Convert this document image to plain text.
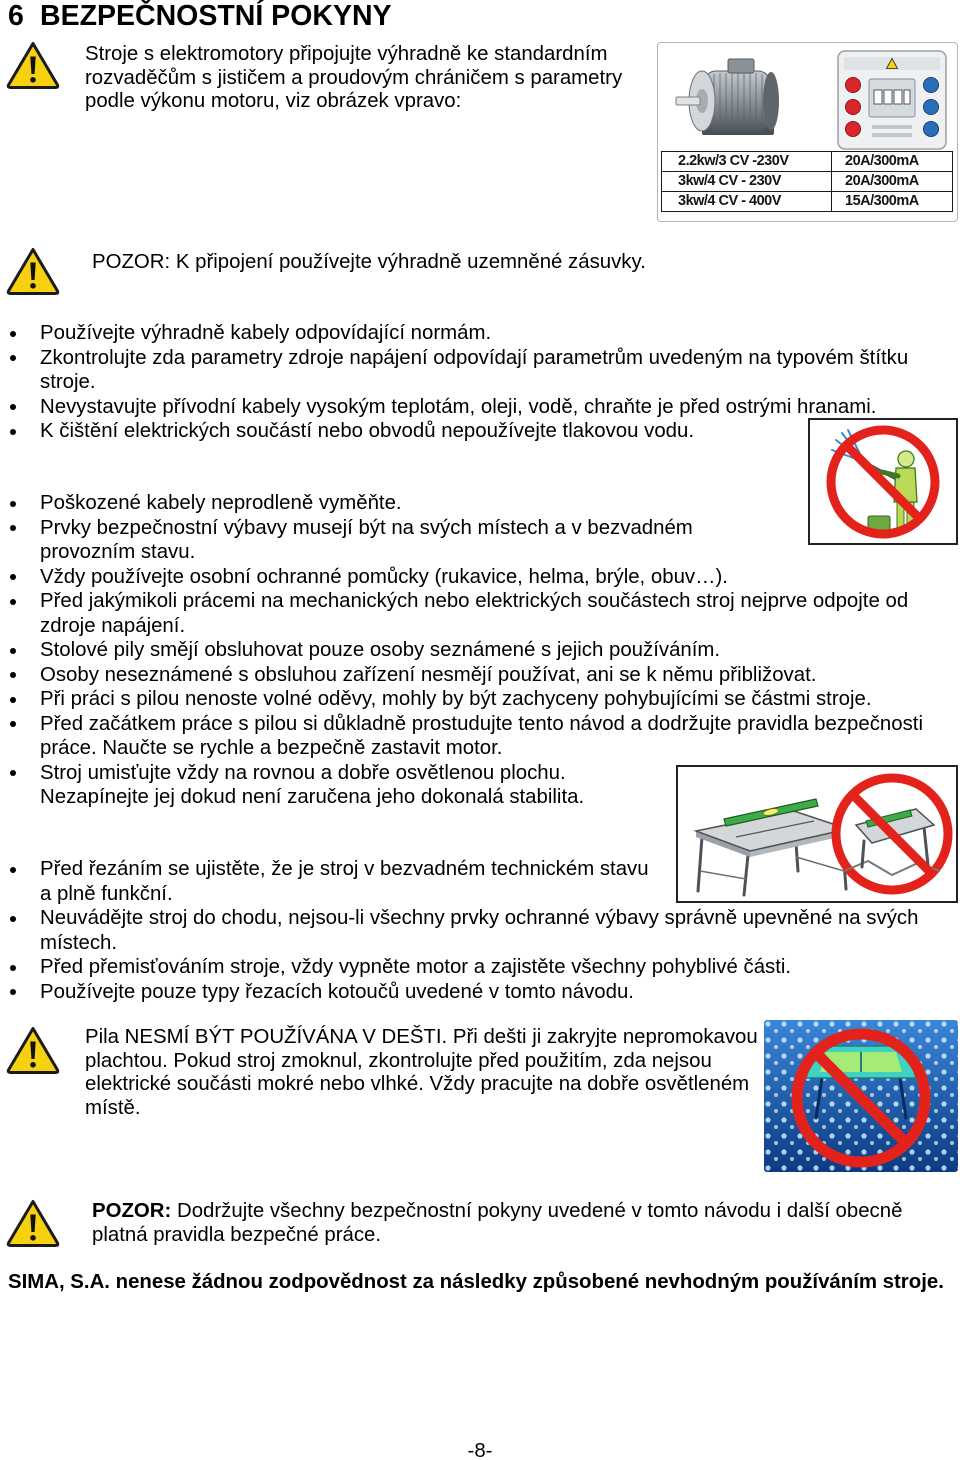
6 BEZPEČNOSTNÍ POKYNY
Stroje s elektromotory připojujte výhradně ke standardním
rozvaděčům s jističem a proudovým chráničem s parametry
podle výkonu motoru, viz obrázek vpravo:
2.2kw/3 CV -230V	20A/300mA
3kw/4 CV - 230V	20A/300mA
3kw/4 CV - 400V	15A/300mA
POZOR: K připojení používejte výhradně uzemněné zásuvky.
Používejte výhradně kabely odpovídající normám.
Zkontrolujte zda parametry zdroje napájení odpovídají parametrům uvedeným na typovém štítku
stroje.
Nevystavujte přívodní kabely vysokým teplotám, oleji, vodě, chraňte je před ostrými hranami.
K čištění elektrických součástí nebo obvodů nepoužívejte tlakovou vodu.
Poškozené kabely neprodleně vyměňte.
Prvky bezpečnostní výbavy musejí být na svých místech a v bezvadném
provozním stavu.
Vždy používejte osobní ochranné pomůcky (rukavice, helma, brýle, obuv…).
Před jakýmikoli prácemi na mechanických nebo elektrických součástech stroj nejprve odpojte od
zdroje napájení.
Stolové pily smějí obsluhovat pouze osoby seznámené s jejich používáním.
Osoby neseznámené s obsluhou zařízení nesmějí používat, ani se k němu přibližovat.
Při práci s pilou nenoste volné oděvy, mohly by být zachyceny pohybujícími se částmi stroje.
Před začátkem práce s pilou si důkladně prostudujte tento návod a dodržujte pravidla bezpečnosti
práce. Naučte se rychle a bezpečně zastavit motor.
Stroj umisťujte vždy na rovnou a dobře osvětlenou plochu.
Nezapínejte jej dokud není zaručena jeho dokonalá stabilita.
Před řezáním se ujistěte, že je stroj v bezvadném technickém stavu
a plně funkční.
Neuvádějte stroj do chodu, nejsou-li všechny prvky ochranné výbavy správně upevněné na svých
místech.
Před přemisťováním stroje, vždy vypněte motor a zajistěte všechny pohyblivé části.
Používejte pouze typy řezacích kotoučů uvedené v tomto návodu.
Pila NESMÍ BÝT POUŽÍVÁNA V DEŠTI. Při dešti ji zakryjte nepromokavou
plachtou. Pokud stroj zmoknul, zkontrolujte před použitím, zda nejsou
elektrické součásti mokré nebo vlhké. Vždy pracujte na dobře osvětleném
místě.
POZOR: Dodržujte všechny bezpečnostní pokyny uvedené v tomto návodu i další obecně
platná pravidla bezpečné práce.
SIMA, S.A. nenese žádnou zodpovědnost za následky způsobené nevhodným používáním stroje.
-8-
